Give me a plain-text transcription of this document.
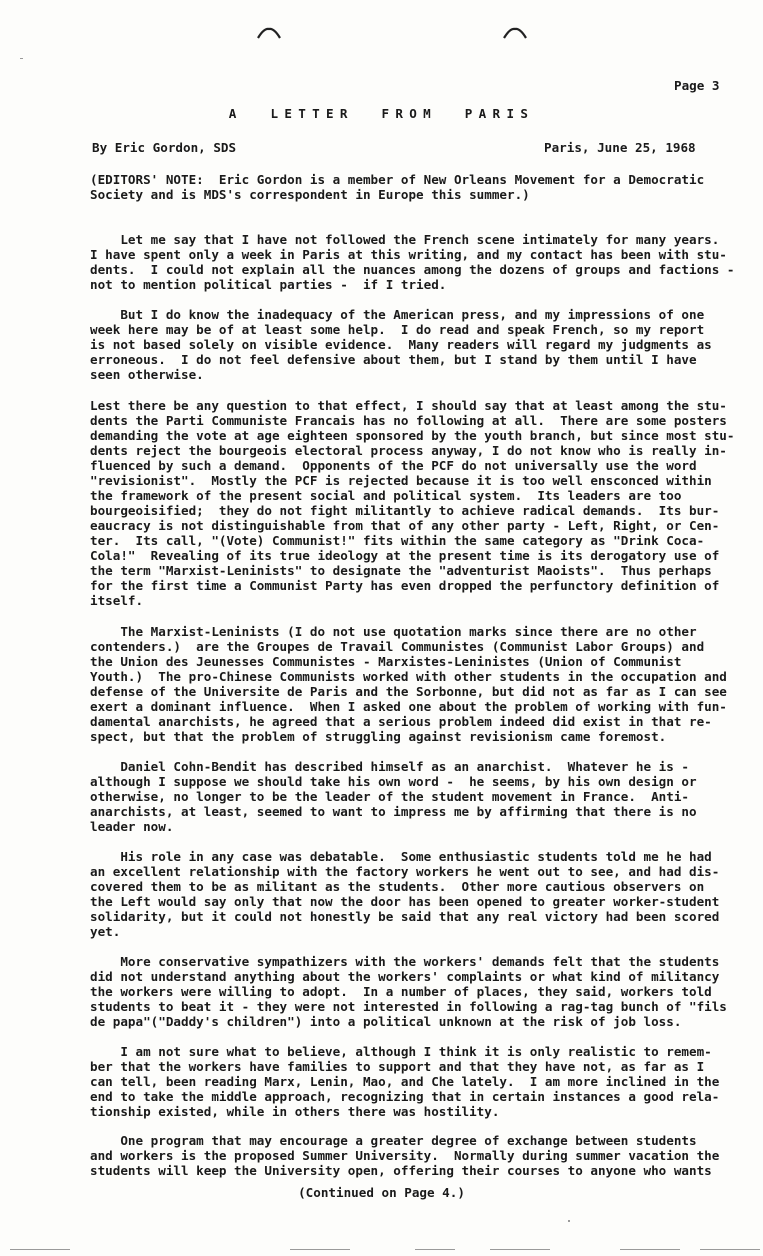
Page 3
A  LETTER  FROM  PARIS
By Eric Gordon, SDS	Paris, June 25, 1968

(EDITORS' NOTE:  Eric Gordon is a member of New Orleans Movement for a Democratic
Society and is MDS's correspondent in Europe this summer.)

Let me say that I have not followed the French scene intimately for many years.
I have spent only a week in Paris at this writing, and my contact has been with stu-
dents.  I could not explain all the nuances among the dozens of groups and factions -
not to mention political parties -  if I tried.

But I do know the inadequacy of the American press, and my impressions of one
week here may be of at least some help.  I do read and speak French, so my report
is not based solely on visible evidence.  Many readers will regard my judgments as
erroneous.  I do not feel defensive about them, but I stand by them until I have
seen otherwise.

Lest there be any question to that effect, I should say that at least among the stu-
dents the Parti Communiste Francais has no following at all.  There are some posters
demanding the vote at age eighteen sponsored by the youth branch, but since most stu-
dents reject the bourgeois electoral process anyway, I do not know who is really in-
fluenced by such a demand.  Opponents of the PCF do not universally use the word
"revisionist".  Mostly the PCF is rejected because it is too well ensconced within
the framework of the present social and political system.  Its leaders are too
bourgeoisified;  they do not fight militantly to achieve radical demands.  Its bur-
eaucracy is not distinguishable from that of any other party - Left, Right, or Cen-
ter.  Its call, "(Vote) Communist!" fits within the same category as "Drink Coca-
Cola!"  Revealing of its true ideology at the present time is its derogatory use of
the term "Marxist-Leninists" to designate the "adventurist Maoists".  Thus perhaps
for the first time a Communist Party has even dropped the perfunctory definition of
itself.

The Marxist-Leninists (I do not use quotation marks since there are no other
contenders.)  are the Groupes de Travail Communistes (Communist Labor Groups) and
the Union des Jeunesses Communistes - Marxistes-Leninistes (Union of Communist
Youth.)  The pro-Chinese Communists worked with other students in the occupation and
defense of the Universite de Paris and the Sorbonne, but did not as far as I can see
exert a dominant influence.  When I asked one about the problem of working with fun-
damental anarchists, he agreed that a serious problem indeed did exist in that re-
spect, but that the problem of struggling against revisionism came foremost.

Daniel Cohn-Bendit has described himself as an anarchist.  Whatever he is -
although I suppose we should take his own word -  he seems, by his own design or
otherwise, no longer to be the leader of the student movement in France.  Anti-
anarchists, at least, seemed to want to impress me by affirming that there is no
leader now.

His role in any case was debatable.  Some enthusiastic students told me he had
an excellent relationship with the factory workers he went out to see, and had dis-
covered them to be as militant as the students.  Other more cautious observers on
the Left would say only that now the door has been opened to greater worker-student
solidarity, but it could not honestly be said that any real victory had been scored
yet.

More conservative sympathizers with the workers' demands felt that the students
did not understand anything about the workers' complaints or what kind of militancy
the workers were willing to adopt.  In a number of places, they said, workers told
students to beat it - they were not interested in following a rag-tag bunch of "fils
de papa"("Daddy's children") into a political unknown at the risk of job loss.

I am not sure what to believe, although I think it is only realistic to remem-
ber that the workers have families to support and that they have not, as far as I
can tell, been reading Marx, Lenin, Mao, and Che lately.  I am more inclined in the
end to take the middle approach, recognizing that in certain instances a good rela-
tionship existed, while in others there was hostility.

One program that may encourage a greater degree of exchange between students
and workers is the proposed Summer University.  Normally during summer vacation the
students will keep the University open, offering their courses to anyone who wants

(Continued on Page 4.)
